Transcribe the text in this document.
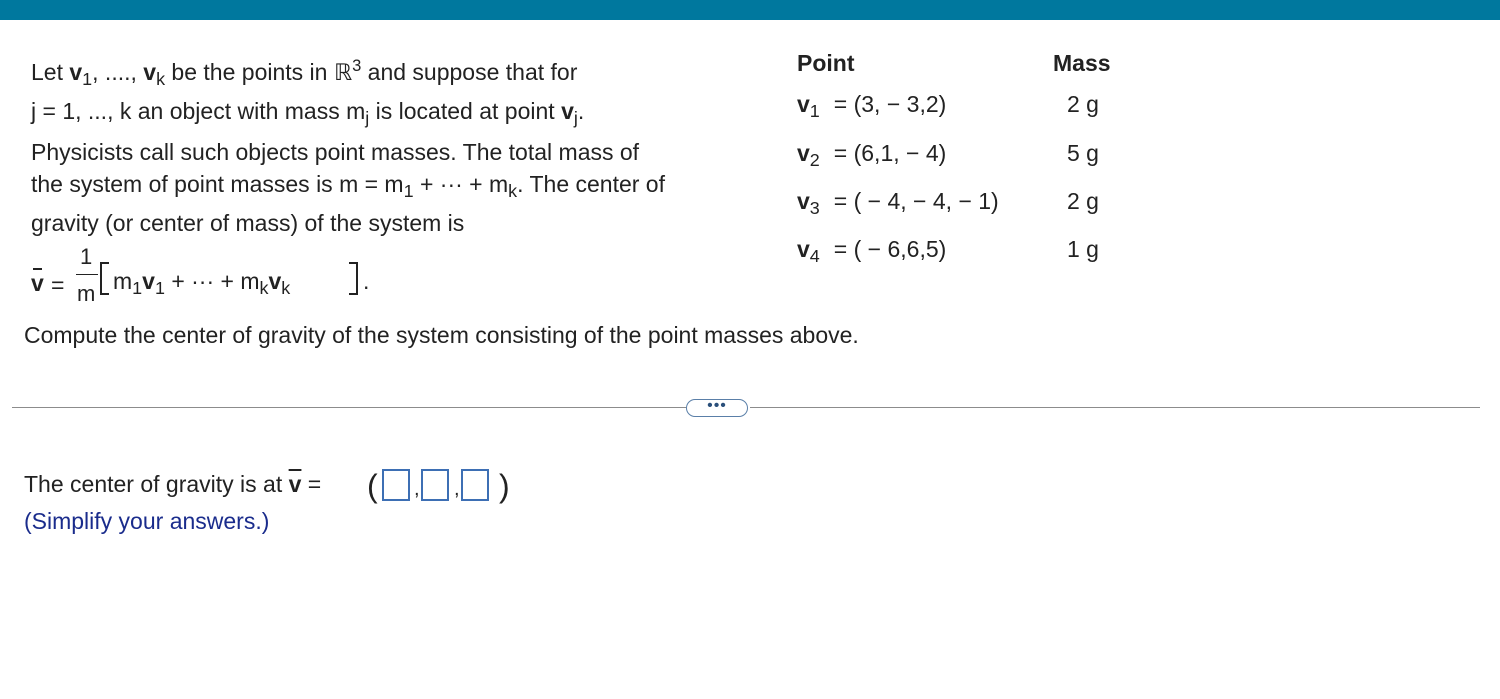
Let $v_1$, ...., $v_k$ be the points in ℝ$^3$ and suppose that for
j = 1, ..., k an object with mass $m_j$ is located at point $v_j$.
Physicists call such objects point masses. The total mass of
the system of point masses is $m = m_1$ + ··· + $m_k$. The center of
gravity (or center of mass) of the system is
v =
1
m $m_1v_1$ + ··· + $m_kv_k$	.
Compute the center of gravity of the system consisting of the point masses above.
Point	Mass
$v_1 = (3$, − 3,2)	2 g
$v_2 = (6,1$, − 4)	5 g
$v_3$ = ( − 4, − 4, − 1)	2 g
$v_4$ = ( − 6,6,5)	1 g
•••
The center of gravity is at $\overline{v}$ = ( , , )
(Simplify your answers.)
